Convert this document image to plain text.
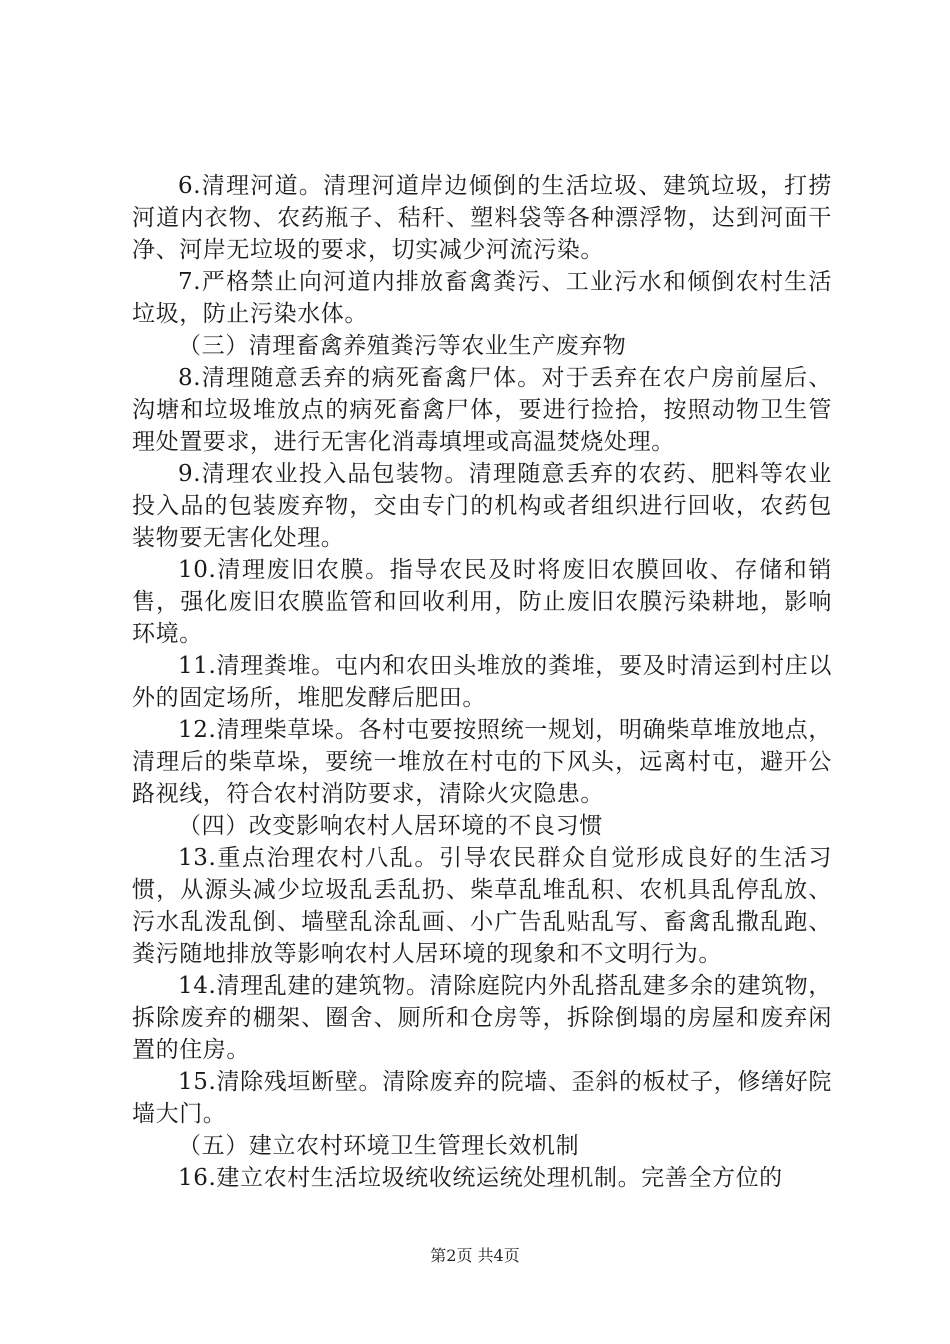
6.清理河道。清理河道岸边倾倒的生活垃圾、建筑垃圾，打捞河道内衣物、农药瓶子、秸秆、塑料袋等各种漂浮物，达到河面干净、河岸无垃圾的要求，切实减少河流污染。

7.严格禁止向河道内排放畜禽粪污、工业污水和倾倒农村生活垃圾，防止污染水体。

（三）清理畜禽养殖粪污等农业生产废弃物

8.清理随意丢弃的病死畜禽尸体。对于丢弃在农户房前屋后、沟塘和垃圾堆放点的病死畜禽尸体，要进行捡拾，按照动物卫生管理处置要求，进行无害化消毒填埋或高温焚烧处理。

9.清理农业投入品包装物。清理随意丢弃的农药、肥料等农业投入品的包装废弃物，交由专门的机构或者组织进行回收，农药包装物要无害化处理。

10.清理废旧农膜。指导农民及时将废旧农膜回收、存储和销售，强化废旧农膜监管和回收利用，防止废旧农膜污染耕地，影响环境。

11.清理粪堆。屯内和农田头堆放的粪堆，要及时清运到村庄以外的固定场所，堆肥发酵后肥田。

12.清理柴草垛。各村屯要按照统一规划，明确柴草堆放地点，清理后的柴草垛，要统一堆放在村屯的下风头，远离村屯，避开公路视线，符合农村消防要求，清除火灾隐患。

（四）改变影响农村人居环境的不良习惯

13.重点治理农村八乱。引导农民群众自觉形成良好的生活习惯，从源头减少垃圾乱丢乱扔、柴草乱堆乱积、农机具乱停乱放、污水乱泼乱倒、墙壁乱涂乱画、小广告乱贴乱写、畜禽乱撒乱跑、粪污随地排放等影响农村人居环境的现象和不文明行为。

14.清理乱建的建筑物。清除庭院内外乱搭乱建多余的建筑物，拆除废弃的棚架、圈舍、厕所和仓房等，拆除倒塌的房屋和废弃闲置的住房。

15.清除残垣断壁。清除废弃的院墙、歪斜的板杖子，修缮好院墙大门。

（五）建立农村环境卫生管理长效机制

16.建立农村生活垃圾统收统运统处理机制。完善全方位的

第2页 共4页
